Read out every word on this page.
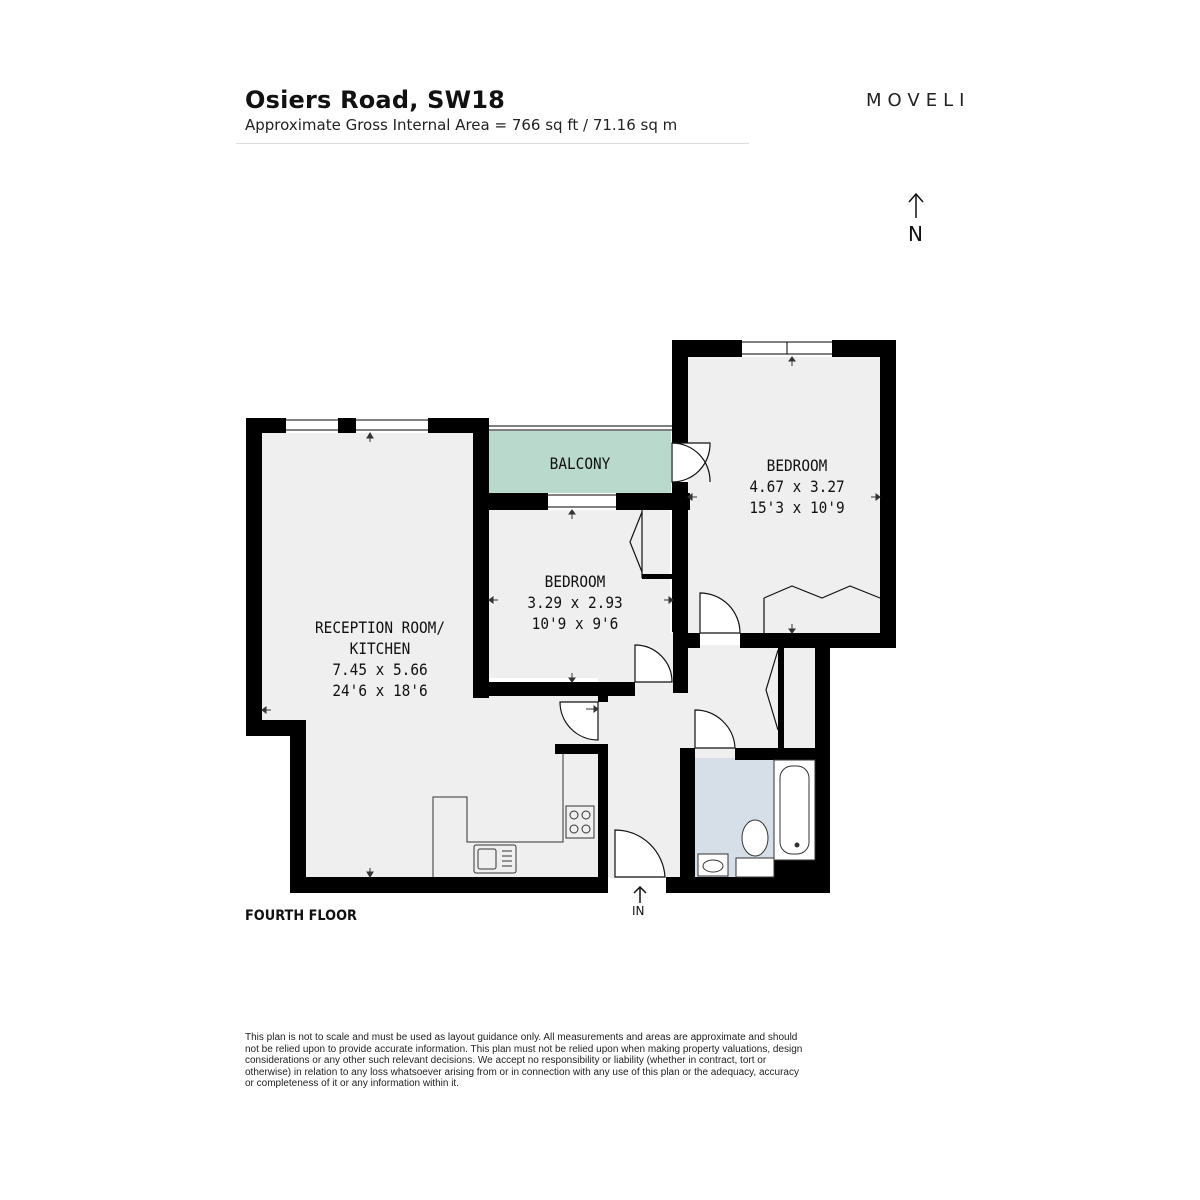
Osiers Road, SW18
Approximate Gross Internal Area = 766 sq ft / 71.16 sq m
MOVELI
N
BALCONY	BEDROOM
4.67 x 3.27
15'3 x 10'9
BEDROOM
3.29 x 2.93
10'9 x 9'6
RECEPTION ROOM/
KITCHEN
7.45 x 5.66
24'6 x 18'6
IN
FOURTH FLOOR
This plan is not to scale and must be used as layout guidance only. All measurements and areas are approximate and should not be relied upon to provide accurate information. This plan must not be relied upon when making property valuations, design considerations or any other such relevant decisions. We accept no responsibility or liability (whether in contract, tort or otherwise) in relation to any loss whatsoever arising from or in connection with any use of this plan or the adequacy, accuracy or completeness of it or any information within it.
